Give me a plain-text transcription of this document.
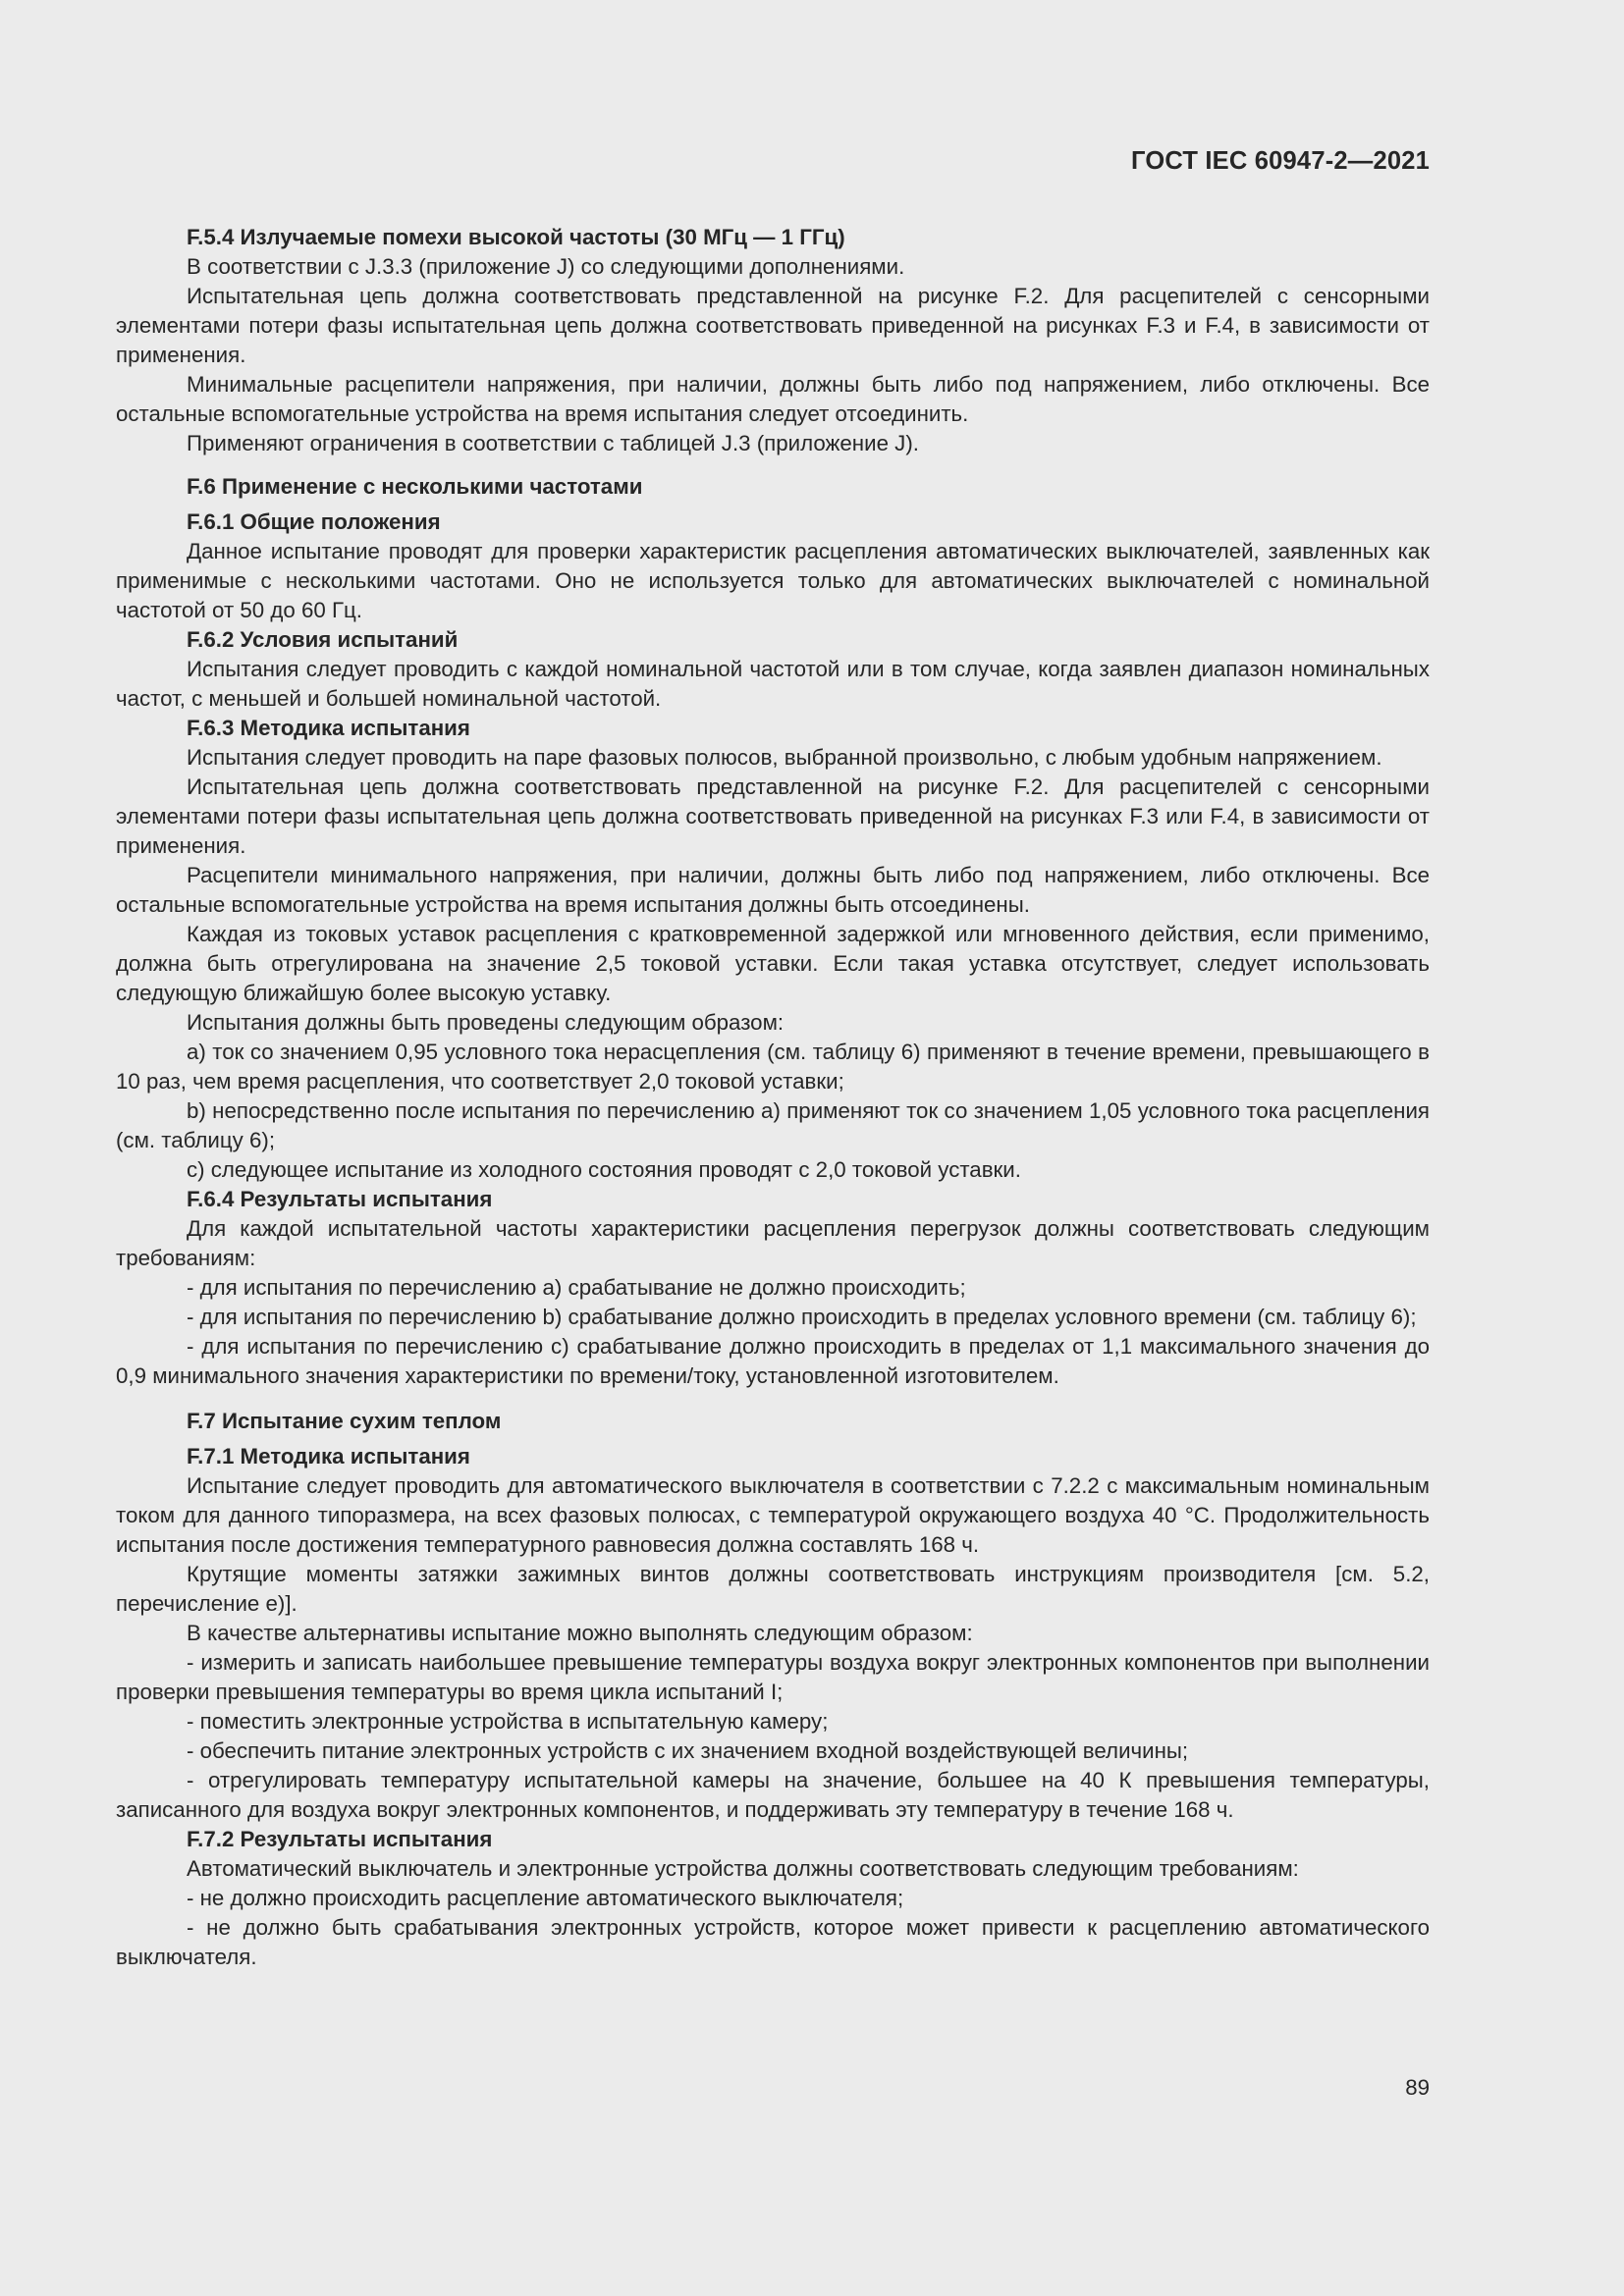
ГОСТ IEC 60947-2—2021
F.5.4 Излучаемые помехи высокой частоты (30 МГц — 1 ГГц)

В соответствии с J.3.3 (приложение J) со следующими дополнениями.

Испытательная цепь должна соответствовать представленной на рисунке F.2. Для расцепителей с сенсорными элементами потери фазы испытательная цепь должна соответствовать приведенной на рисунках F.3 и F.4, в зависимости от применения.

Минимальные расцепители напряжения, при наличии, должны быть либо под напряжением, либо отключены. Все остальные вспомогательные устройства на время испытания следует отсоединить.

Применяют ограничения в соответствии с таблицей J.3 (приложение J).

F.6 Применение с несколькими частотами
F.6.1 Общие положения

Данное испытание проводят для проверки характеристик расцепления автоматических выключателей, заявленных как применимые с несколькими частотами. Оно не используется только для автоматических выключателей с номинальной частотой от 50 до 60 Гц.

F.6.2 Условия испытаний

Испытания следует проводить с каждой номинальной частотой или в том случае, когда заявлен диапазон номинальных частот, с меньшей и большей номинальной частотой.

F.6.3 Методика испытания

Испытания следует проводить на паре фазовых полюсов, выбранной произвольно, с любым удобным напряжением.

Испытательная цепь должна соответствовать представленной на рисунке F.2. Для расцепителей с сенсорными элементами потери фазы испытательная цепь должна соответствовать приведенной на рисунках F.3 или F.4, в зависимости от применения.

Расцепители минимального напряжения, при наличии, должны быть либо под напряжением, либо отключены. Все остальные вспомогательные устройства на время испытания должны быть отсоединены.

Каждая из токовых уставок расцепления с кратковременной задержкой или мгновенного действия, если применимо, должна быть отрегулирована на значение 2,5 токовой уставки. Если такая уставка отсутствует, следует использовать следующую ближайшую более высокую уставку.

Испытания должны быть проведены следующим образом:

a) ток со значением 0,95 условного тока нерасцепления (см. таблицу 6) применяют в течение времени, превышающего в 10 раз, чем время расцепления, что соответствует 2,0 токовой уставки;

b) непосредственно после испытания по перечислению a) применяют ток со значением 1,05 условного тока расцепления (см. таблицу 6);

c) следующее испытание из холодного состояния проводят с 2,0 токовой уставки.

F.6.4 Результаты испытания

Для каждой испытательной частоты характеристики расцепления перегрузок должны соответствовать следующим требованиям:

- для испытания по перечислению a) срабатывание не должно происходить;

- для испытания по перечислению b) срабатывание должно происходить в пределах условного времени (см. таблицу 6);

- для испытания по перечислению c) срабатывание должно происходить в пределах от 1,1 максимального значения до 0,9 минимального значения характеристики по времени/току, установленной изготовителем.

F.7 Испытание сухим теплом
F.7.1 Методика испытания

Испытание следует проводить для автоматического выключателя в соответствии с 7.2.2 с максимальным номинальным током для данного типоразмера, на всех фазовых полюсах, с температурой окружающего воздуха 40 °С. Продолжительность испытания после достижения температурного равновесия должна составлять 168 ч.

Крутящие моменты затяжки зажимных винтов должны соответствовать инструкциям производителя [см. 5.2, перечисление e)].

В качестве альтернативы испытание можно выполнять следующим образом:

- измерить и записать наибольшее превышение температуры воздуха вокруг электронных компонентов при выполнении проверки превышения температуры во время цикла испытаний I;

- поместить электронные устройства в испытательную камеру;

- обеспечить питание электронных устройств с их значением входной воздействующей величины;

- отрегулировать температуру испытательной камеры на значение, большее на 40 К превышения температуры, записанного для воздуха вокруг электронных компонентов, и поддерживать эту температуру в течение 168 ч.

F.7.2 Результаты испытания

Автоматический выключатель и электронные устройства должны соответствовать следующим требованиям:

- не должно происходить расцепление автоматического выключателя;

- не должно быть срабатывания электронных устройств, которое может привести к расцеплению автоматического выключателя.

89
